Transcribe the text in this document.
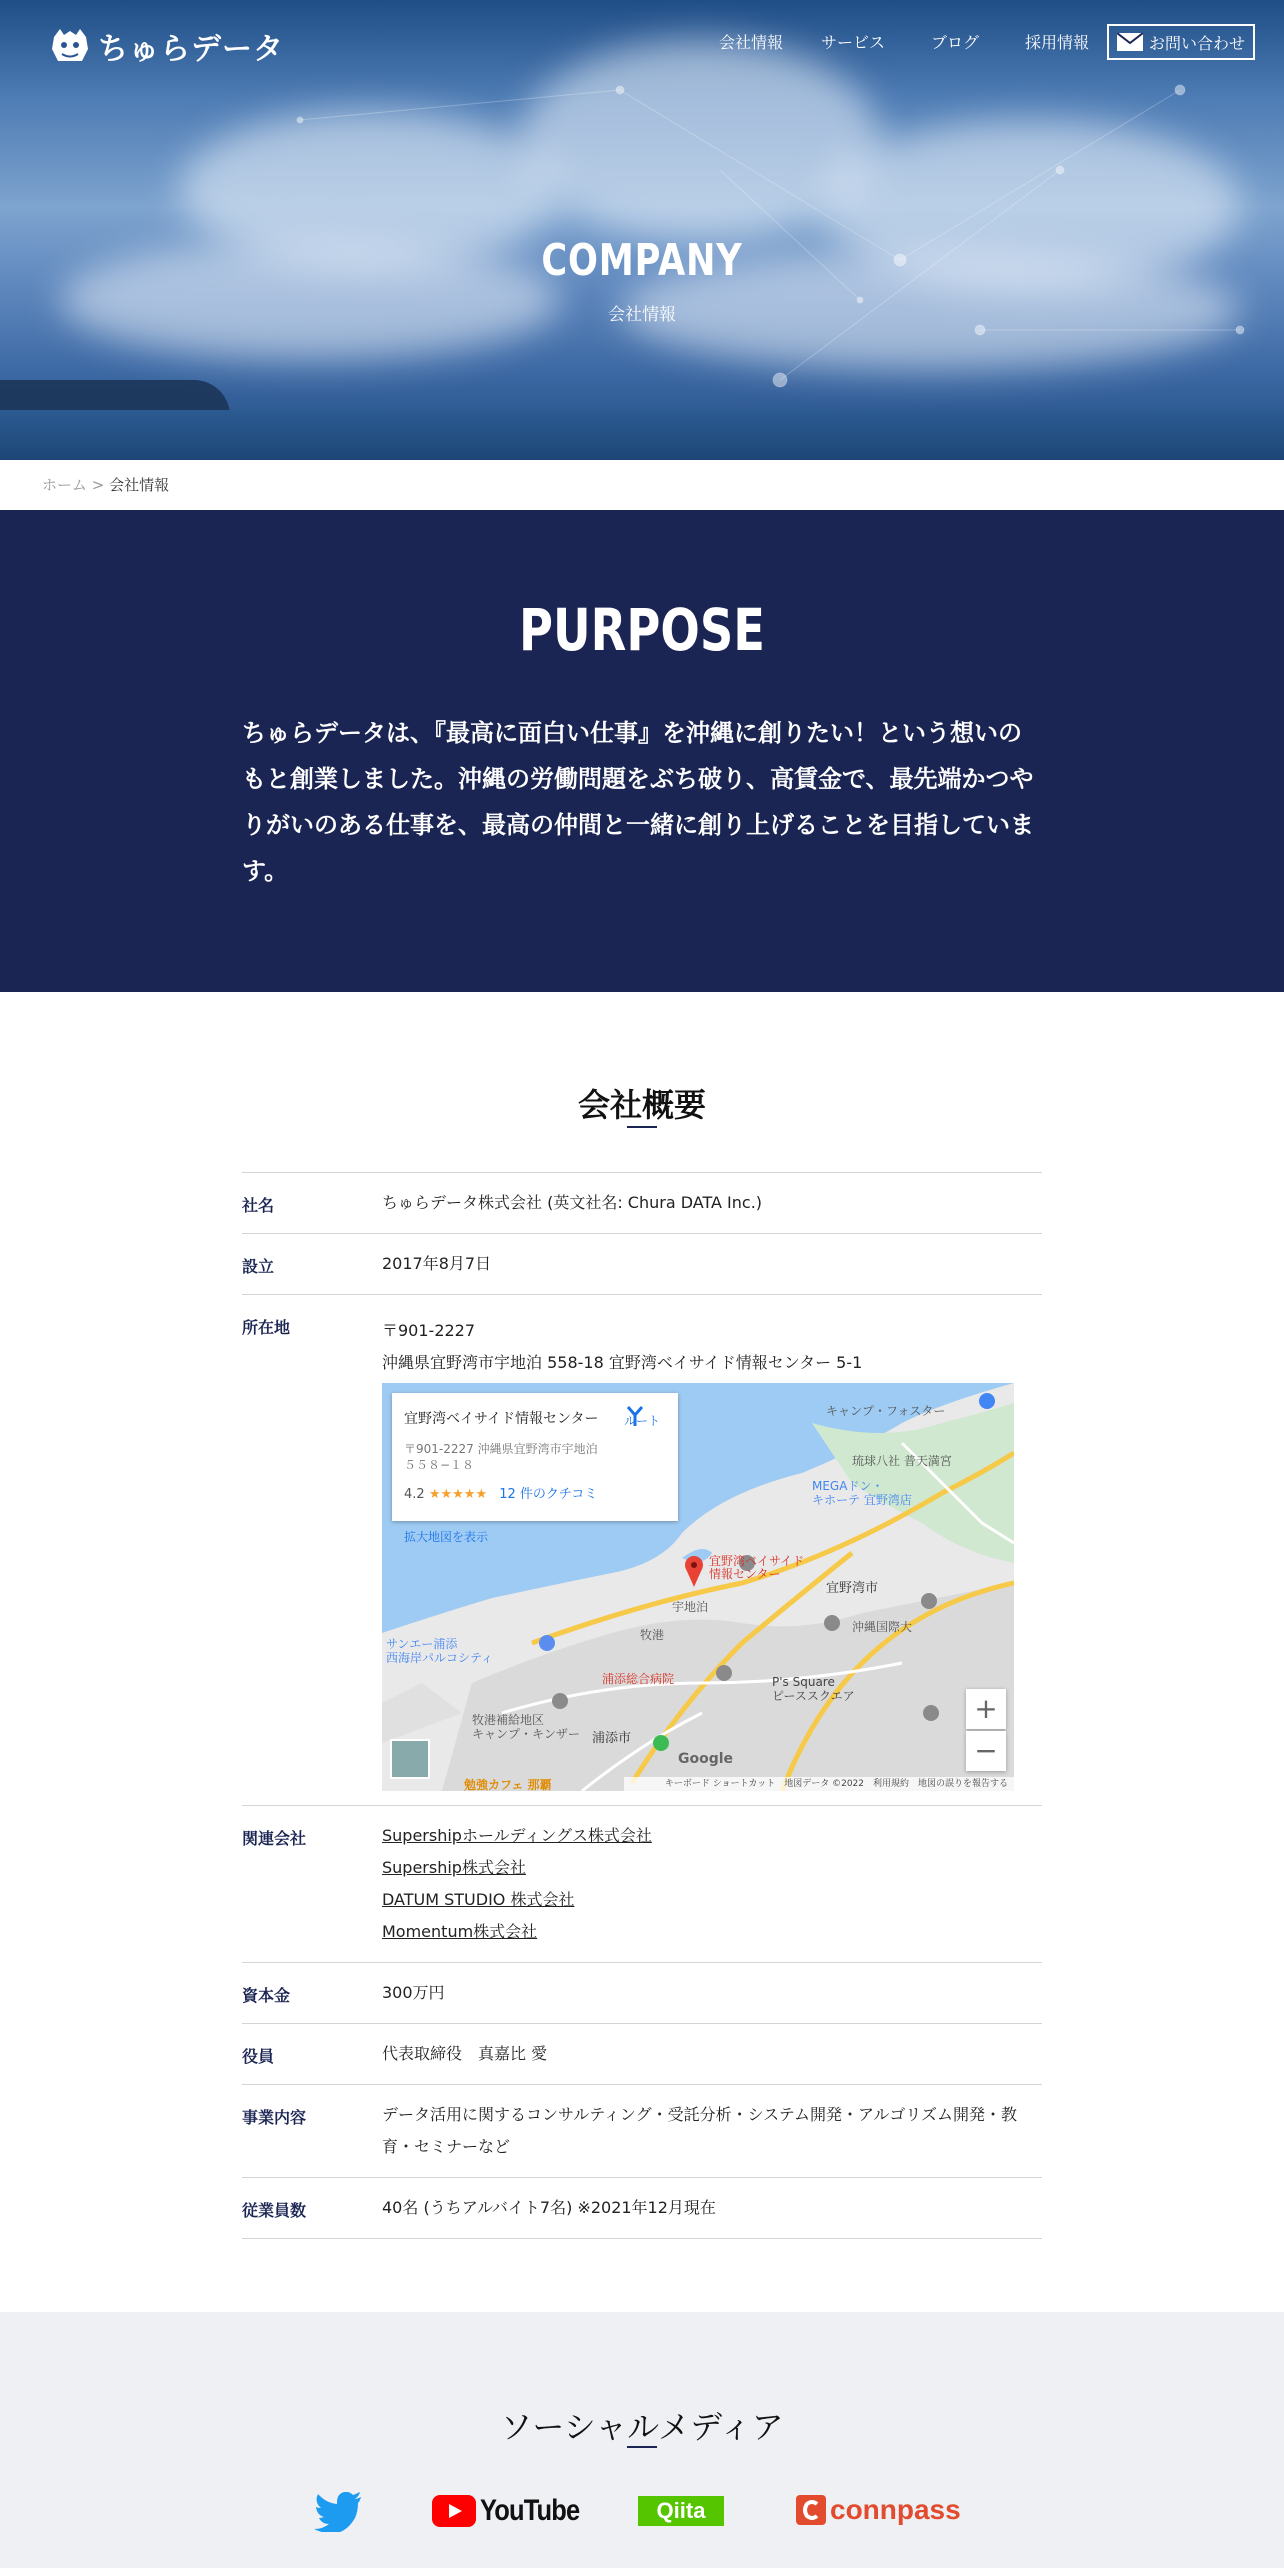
ちゅらデータ	会社情報	サービス	ブログ	採用情報	お問い合わせ
COMPANY
会社情報
ホーム > 会社情報
PURPOSE

ちゅらデータは、『最高に面白い仕事』を沖縄に創りたい！という想いのもと創業しました。沖縄の労働問題をぶち破り、高賃金で、最先端かつやりがいのある仕事を、最高の仲間と一緒に創り上げることを目指しています。

会社概要
社名	ちゅらデータ株式会社 (英文社名: Chura DATA Inc.)
設立	2017年8月7日
所在地	〒901-2227
沖縄県宜野湾市宇地泊 558-18 宜野湾ベイサイド情報センター 5-1
宜野湾ベイサイド
情報センター
キャンプ・フォスター
宜野湾市
沖縄国際大
牧港
宇地泊
浦添総合病院
浦添市
P's Square
ピーススクエア
牧港補給地区
キャンプ・キンザー
サンエー浦添
西海岸パルコシティ
MEGAドン・
キホーテ 宜野湾店
琉球八社 普天満宮
勉強カフェ 那覇
宜野湾ベイサイド情報センター
〒901-2227 沖縄県宜野湾市宇地泊５５８−１８
4.2 ★★★★★ 12 件のクチコミ
拡大地図を表示
ルート
+
−
Google
キーボード ショートカット　地図データ ©2022　利用規約　地図の誤りを報告する
関連会社	Supershipホールディングス株式会社
Supership株式会社
DATUM STUDIO 株式会社
Momentum株式会社
資本金	300万円
役員	代表取締役　真嘉比 愛
事業内容	データ活用に関するコンサルティング・受託分析・システム開発・アルゴリズム開発・教育・セミナーなど
従業員数	40名 (うちアルバイト7名) ※2021年12月現在
ソーシャルメディア
YouTube	Qiita	connpass
